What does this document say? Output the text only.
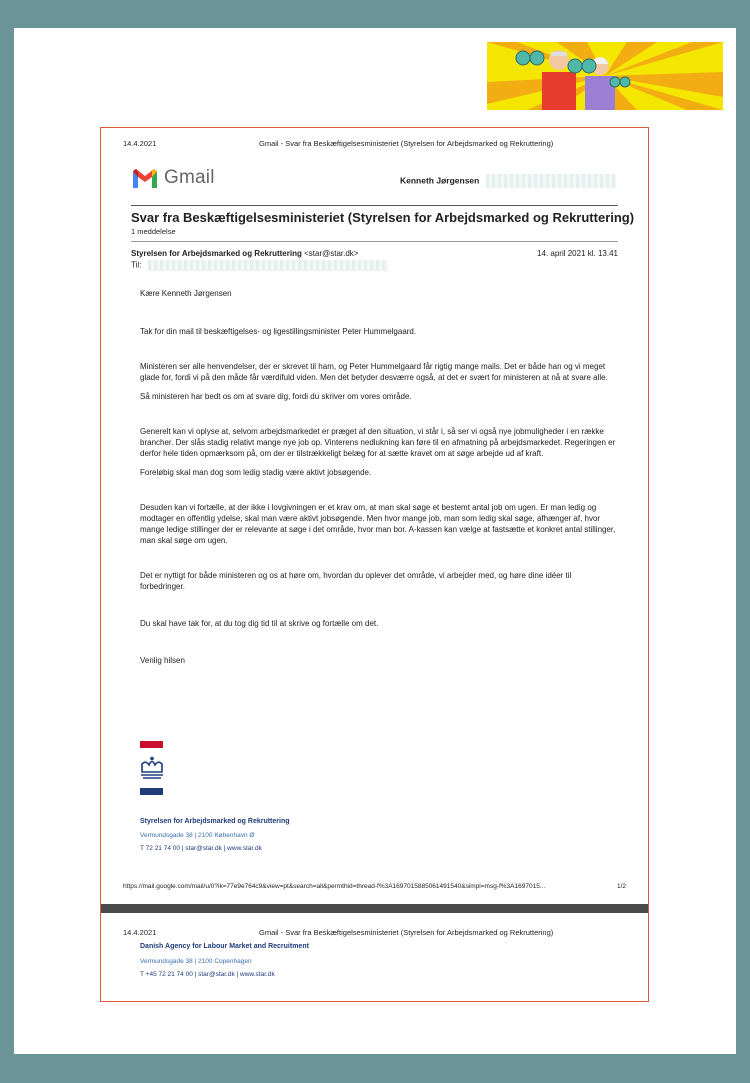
14.4.2021	Gmail - Svar fra Beskæftigelsesministeriet (Styrelsen for Arbejdsmarked og Rekruttering)
Gmail	Kenneth Jørgensen
Svar fra Beskæftigelsesministeriet (Styrelsen for Arbejdsmarked og Rekruttering)
1 meddelelse
Styrelsen for Arbejdsmarked og Rekruttering <star@star.dk>	14. april 2021 kl. 13.41
Til:

Kære Kenneth Jørgensen

Tak for din mail til beskæftigelses- og ligestillingsminister Peter Hummelgaard.

Ministeren ser alle henvendelser, der er skrevet til ham, og Peter Hummelgaard får rigtig mange mails. Det er både han og vi meget glade for, fordi vi på den måde får værdifuld viden. Men det betyder desværre også, at det er svært for ministeren at nå at svare alle.

Så ministeren har bedt os om at svare dig, fordi du skriver om vores område.

Generelt kan vi oplyse at, selvom arbejdsmarkedet er præget af den situation, vi står i, så ser vi også nye jobmuligheder i en række brancher. Der slås stadig relativt mange nye job op. Vinterens nedlukning kan føre til en afmatning på arbejdsmarkedet. Regeringen er derfor hele tiden opmærksom på, om der er tilstrækkeligt belæg for at sætte kravet om at søge arbejde ud af kraft.

Foreløbig skal man dog som ledig stadig være aktivt jobsøgende.

Desuden kan vi fortælle, at der ikke i lovgivningen er et krav om, at man skal søge et bestemt antal job om ugen. Er man ledig og modtager en offentlig ydelse, skal man være aktivt jobsøgende. Men hvor mange job, man som ledig skal søge, afhænger af, hvor mange ledige stillinger der er relevante at søge i det område, hvor man bor. A-kassen kan vælge at fastsætte et konkret antal stillinger, man skal søge om ugen.

Det er nyttigt for både ministeren og os at høre om, hvordan du oplever det område, vi arbejder med, og høre dine idéer til forbedringer.

Du skal have tak for, at du tog dig tid til at skrive og fortælle om det.

Venlig hilsen

Styrelsen for Arbejdsmarked og Rekruttering
Vermundsgade 38 | 2100 København Ø
T 72 21 74 00 | star@star.dk | www.star.dk
https://mail.google.com/mail/u/0?ik=77e9e764c9&view=pt&search=all&permthid=thread-f%3A1697015885061491540&simpl=msg-f%3A1697015...	1/2
14.4.2021	Gmail - Svar fra Beskæftigelsesministeriet (Styrelsen for Arbejdsmarked og Rekruttering)
Danish Agency for Labour Market and Recruitment
Vermundsgade 38 | 2100 Copenhagen
T +45 72 21 74 00 | star@star.dk | www.star.dk
